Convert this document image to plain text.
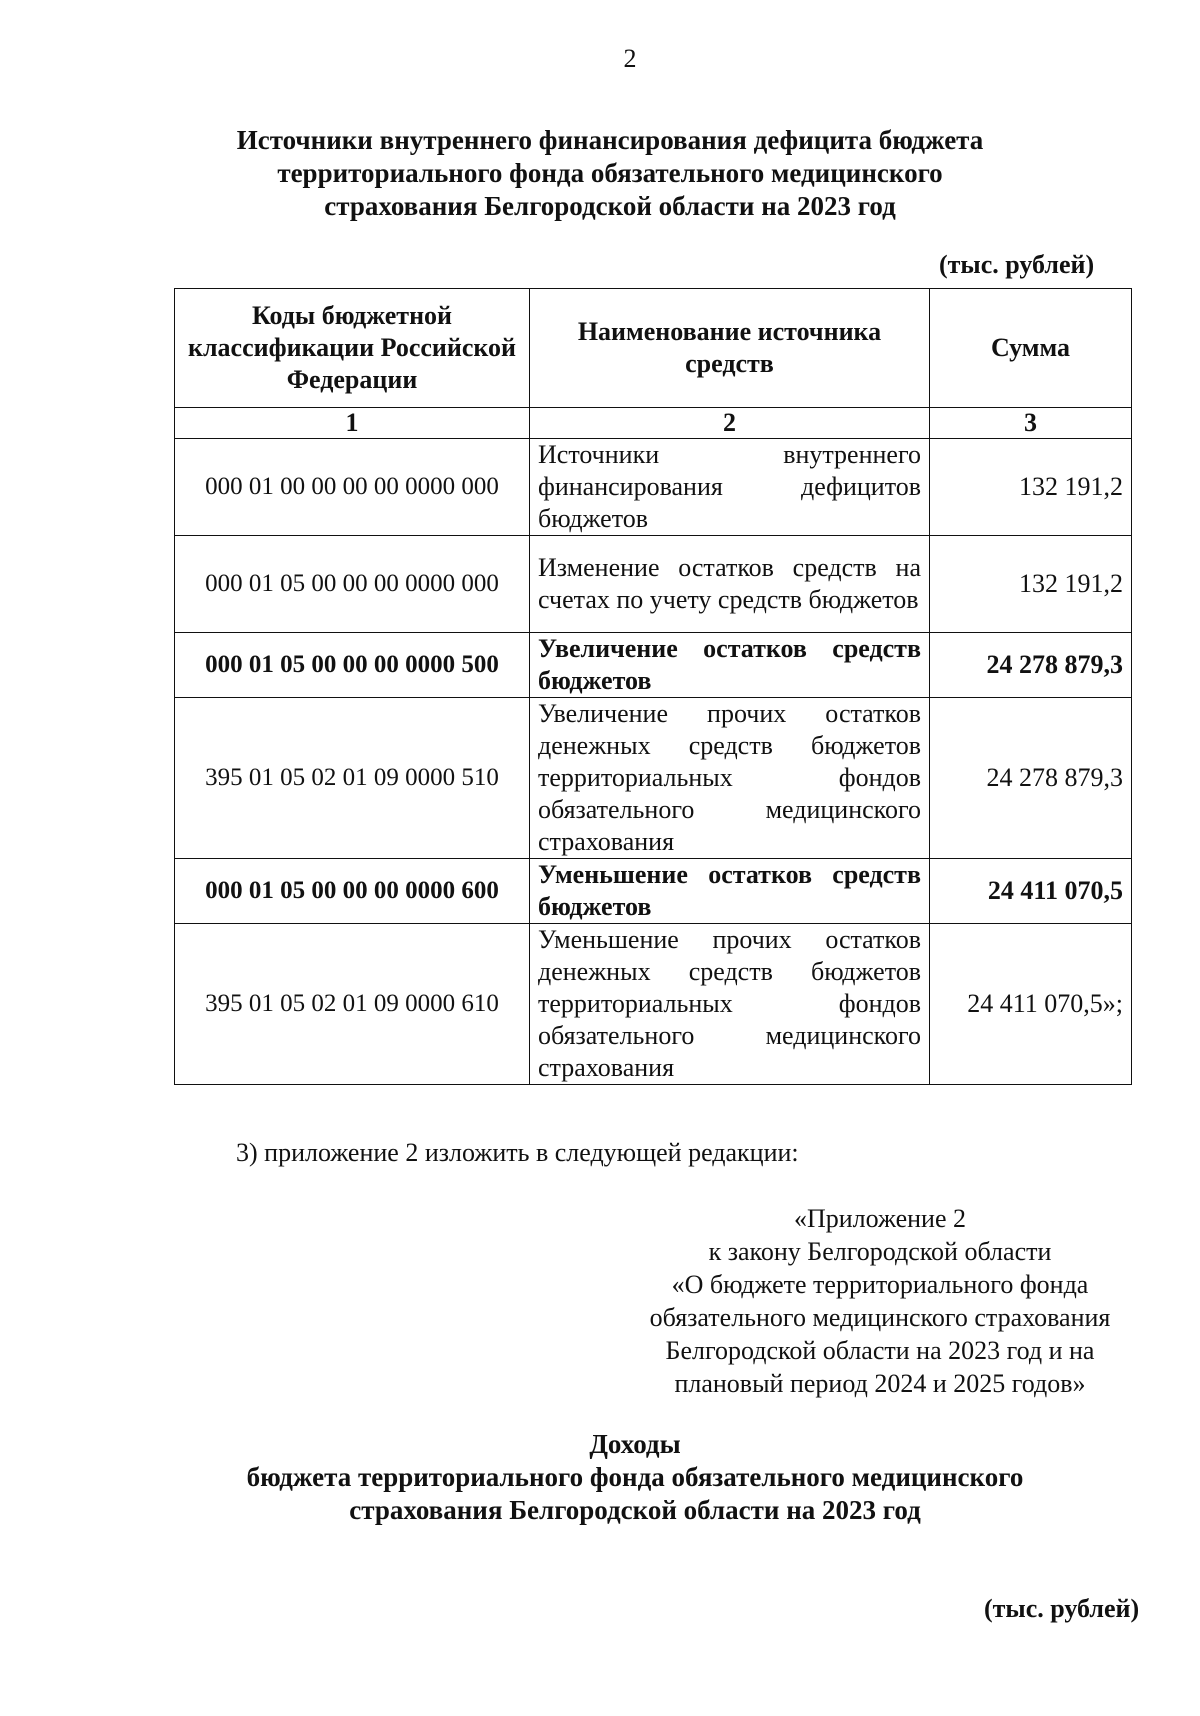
2
Источники внутреннего финансирования дефицита бюджета
территориального фонда обязательного медицинского
страхования Белгородской области на 2023 год
(тыс. рублей)
Коды бюджетной классификации Российской Федерации	Наименование источника средств	Сумма
1	2	3
000 01 00 00 00 00 0000 000	Источники внутреннего финансирования дефицитов бюджетов	132 191,2
000 01 05 00 00 00 0000 000	Изменение остатков средств на счетах по учету средств бюджетов	132 191,2
000 01 05 00 00 00 0000 500	Увеличение остатков средств бюджетов	24 278 879,3
395 01 05 02 01 09 0000 510	Увеличение прочих остатков денежных средств бюджетов территориальных фондов обязательного медицинского страхования	24 278 879,3
000 01 05 00 00 00 0000 600	Уменьшение остатков средств бюджетов	24 411 070,5
395 01 05 02 01 09 0000 610	Уменьшение прочих остатков денежных средств бюджетов территориальных фондов обязательного медицинского страхования	24 411 070,5»;
3) приложение 2 изложить в следующей редакции:
«Приложение 2
к закону Белгородской области
«О бюджете территориального фонда
обязательного медицинского страхования
Белгородской области на 2023 год и на
плановый период 2024 и 2025 годов»
Доходы
бюджета территориального фонда обязательного медицинского
страхования Белгородской области на 2023 год
(тыс. рублей)
